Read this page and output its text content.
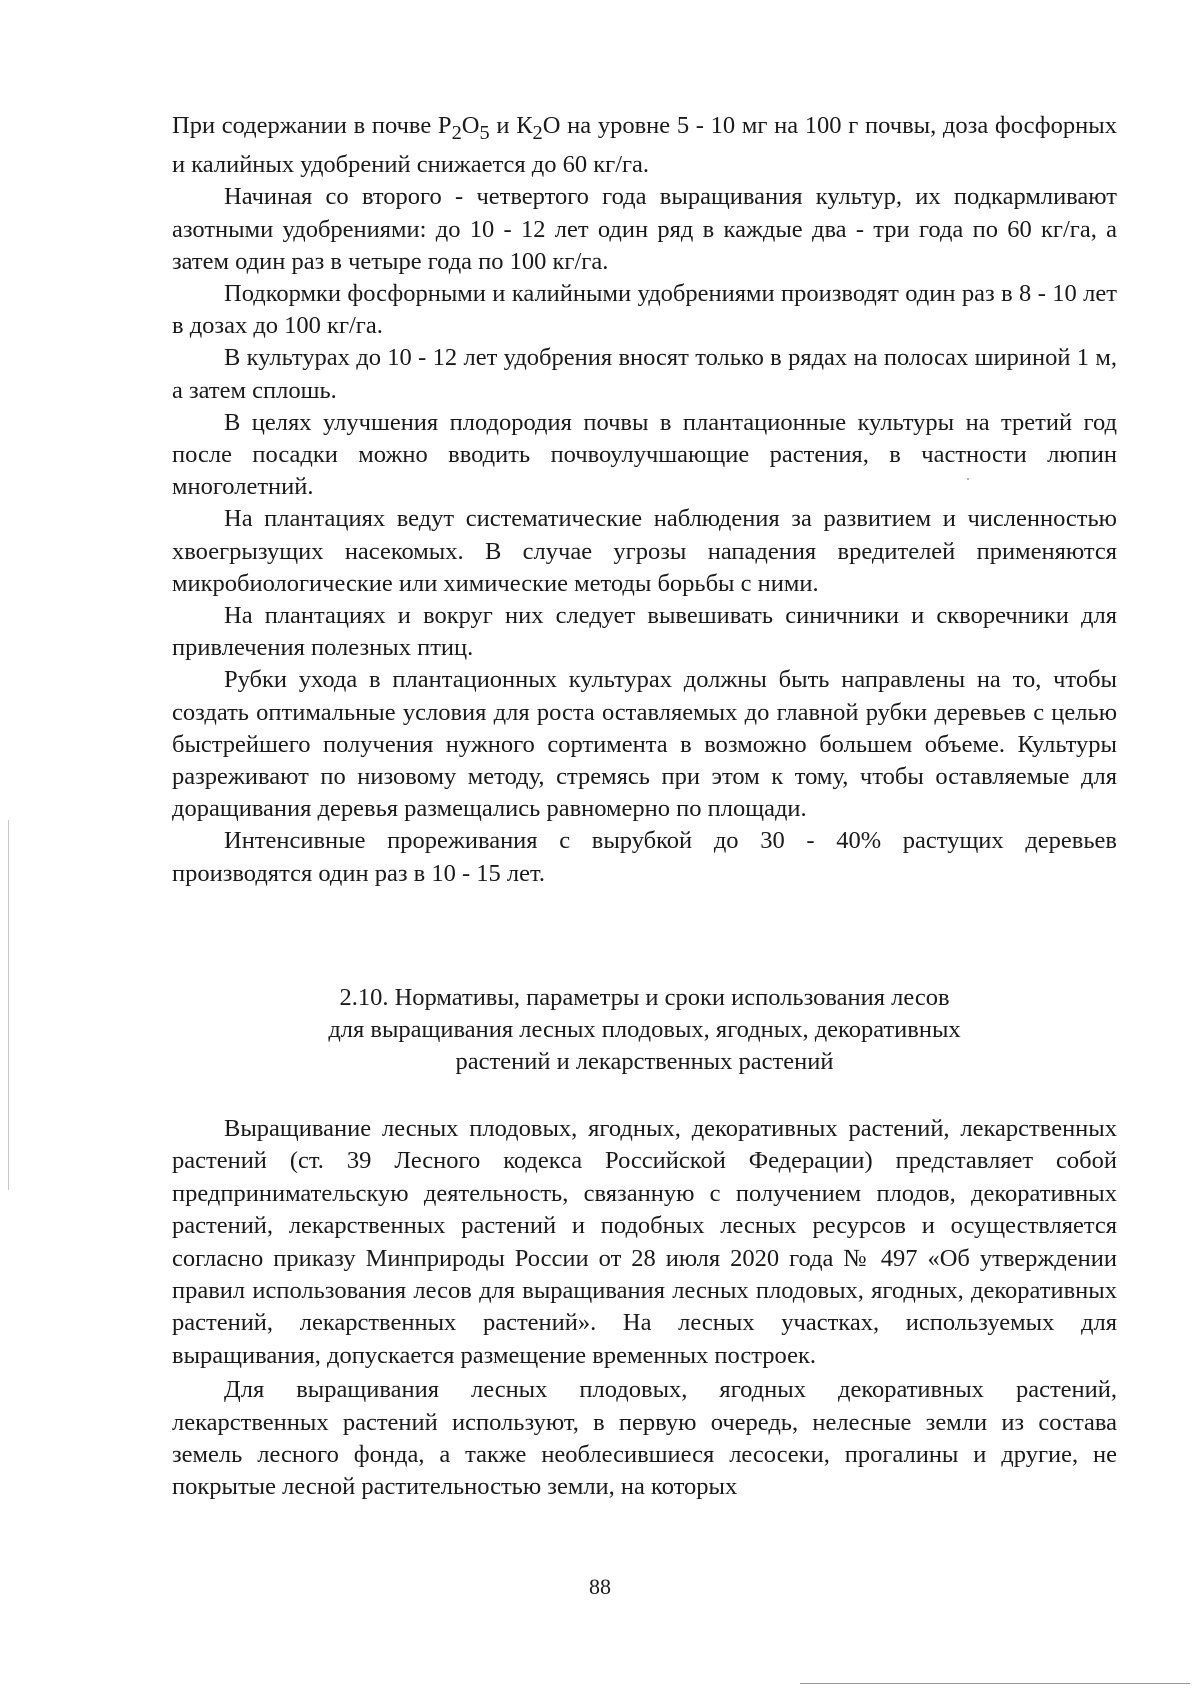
При содержании в почве $Р_2О_5$ и $К_2О$ на уровне 5 - 10 мг на 100 г почвы, доза фосфорных и калийных удобрений снижается до 60 кг/га.

Начиная со второго - четвертого года выращивания культур, их подкармливают азотными удобрениями: до 10 - 12 лет один ряд в каждые два - три года по 60 кг/га, а затем один раз в четыре года по 100 кг/га.

Подкормки фосфорными и калийными удобрениями производят один раз в 8 - 10 лет в дозах до 100 кг/га.

В культурах до 10 - 12 лет удобрения вносят только в рядах на полосах шириной 1 м, а затем сплошь.

В целях улучшения плодородия почвы в плантационные культуры на третий год после посадки можно вводить почвоулучшающие растения, в частности люпин многолетний.

На плантациях ведут систематические наблюдения за развитием и численностью хвоегрызущих насекомых. В случае угрозы нападения вредителей применяются микробиологические или химические методы борьбы с ними.

На плантациях и вокруг них следует вывешивать синичники и скворечники для привлечения полезных птиц.

Рубки ухода в плантационных культурах должны быть направлены на то, чтобы создать оптимальные условия для роста оставляемых до главной рубки деревьев с целью быстрейшего получения нужного сортимента в возможно большем объеме. Культуры разреживают по низовому методу, стремясь при этом к тому, чтобы оставляемые для доращивания деревья размещались равномерно по площади.

Интенсивные прореживания с вырубкой до 30 - 40% растущих деревьев производятся один раз в 10 - 15 лет.

2.10. Нормативы, параметры и сроки использования лесов
для выращивания лесных плодовых, ягодных, декоративных
растений и лекарственных растений

Выращивание лесных плодовых, ягодных, декоративных растений, лекарственных растений (ст. 39 Лесного кодекса Российской Федерации) представляет собой предпринимательскую деятельность, связанную с получением плодов, декоративных растений, лекарственных растений и подобных лесных ресурсов и осуществляется согласно приказу Минприроды России от 28 июля 2020 года № 497 «Об утверждении правил использования лесов для выращивания лесных плодовых, ягодных, декоративных растений, лекарственных растений». На лесных участках, используемых для выращивания, допускается размещение временных построек.

Для выращивания лесных плодовых, ягодных декоративных растений, лекарственных растений используют, в первую очередь, нелесные земли из состава земель лесного фонда, а также необлесившиеся лесосеки, прогалины и другие, не покрытые лесной растительностью земли, на которых

88
